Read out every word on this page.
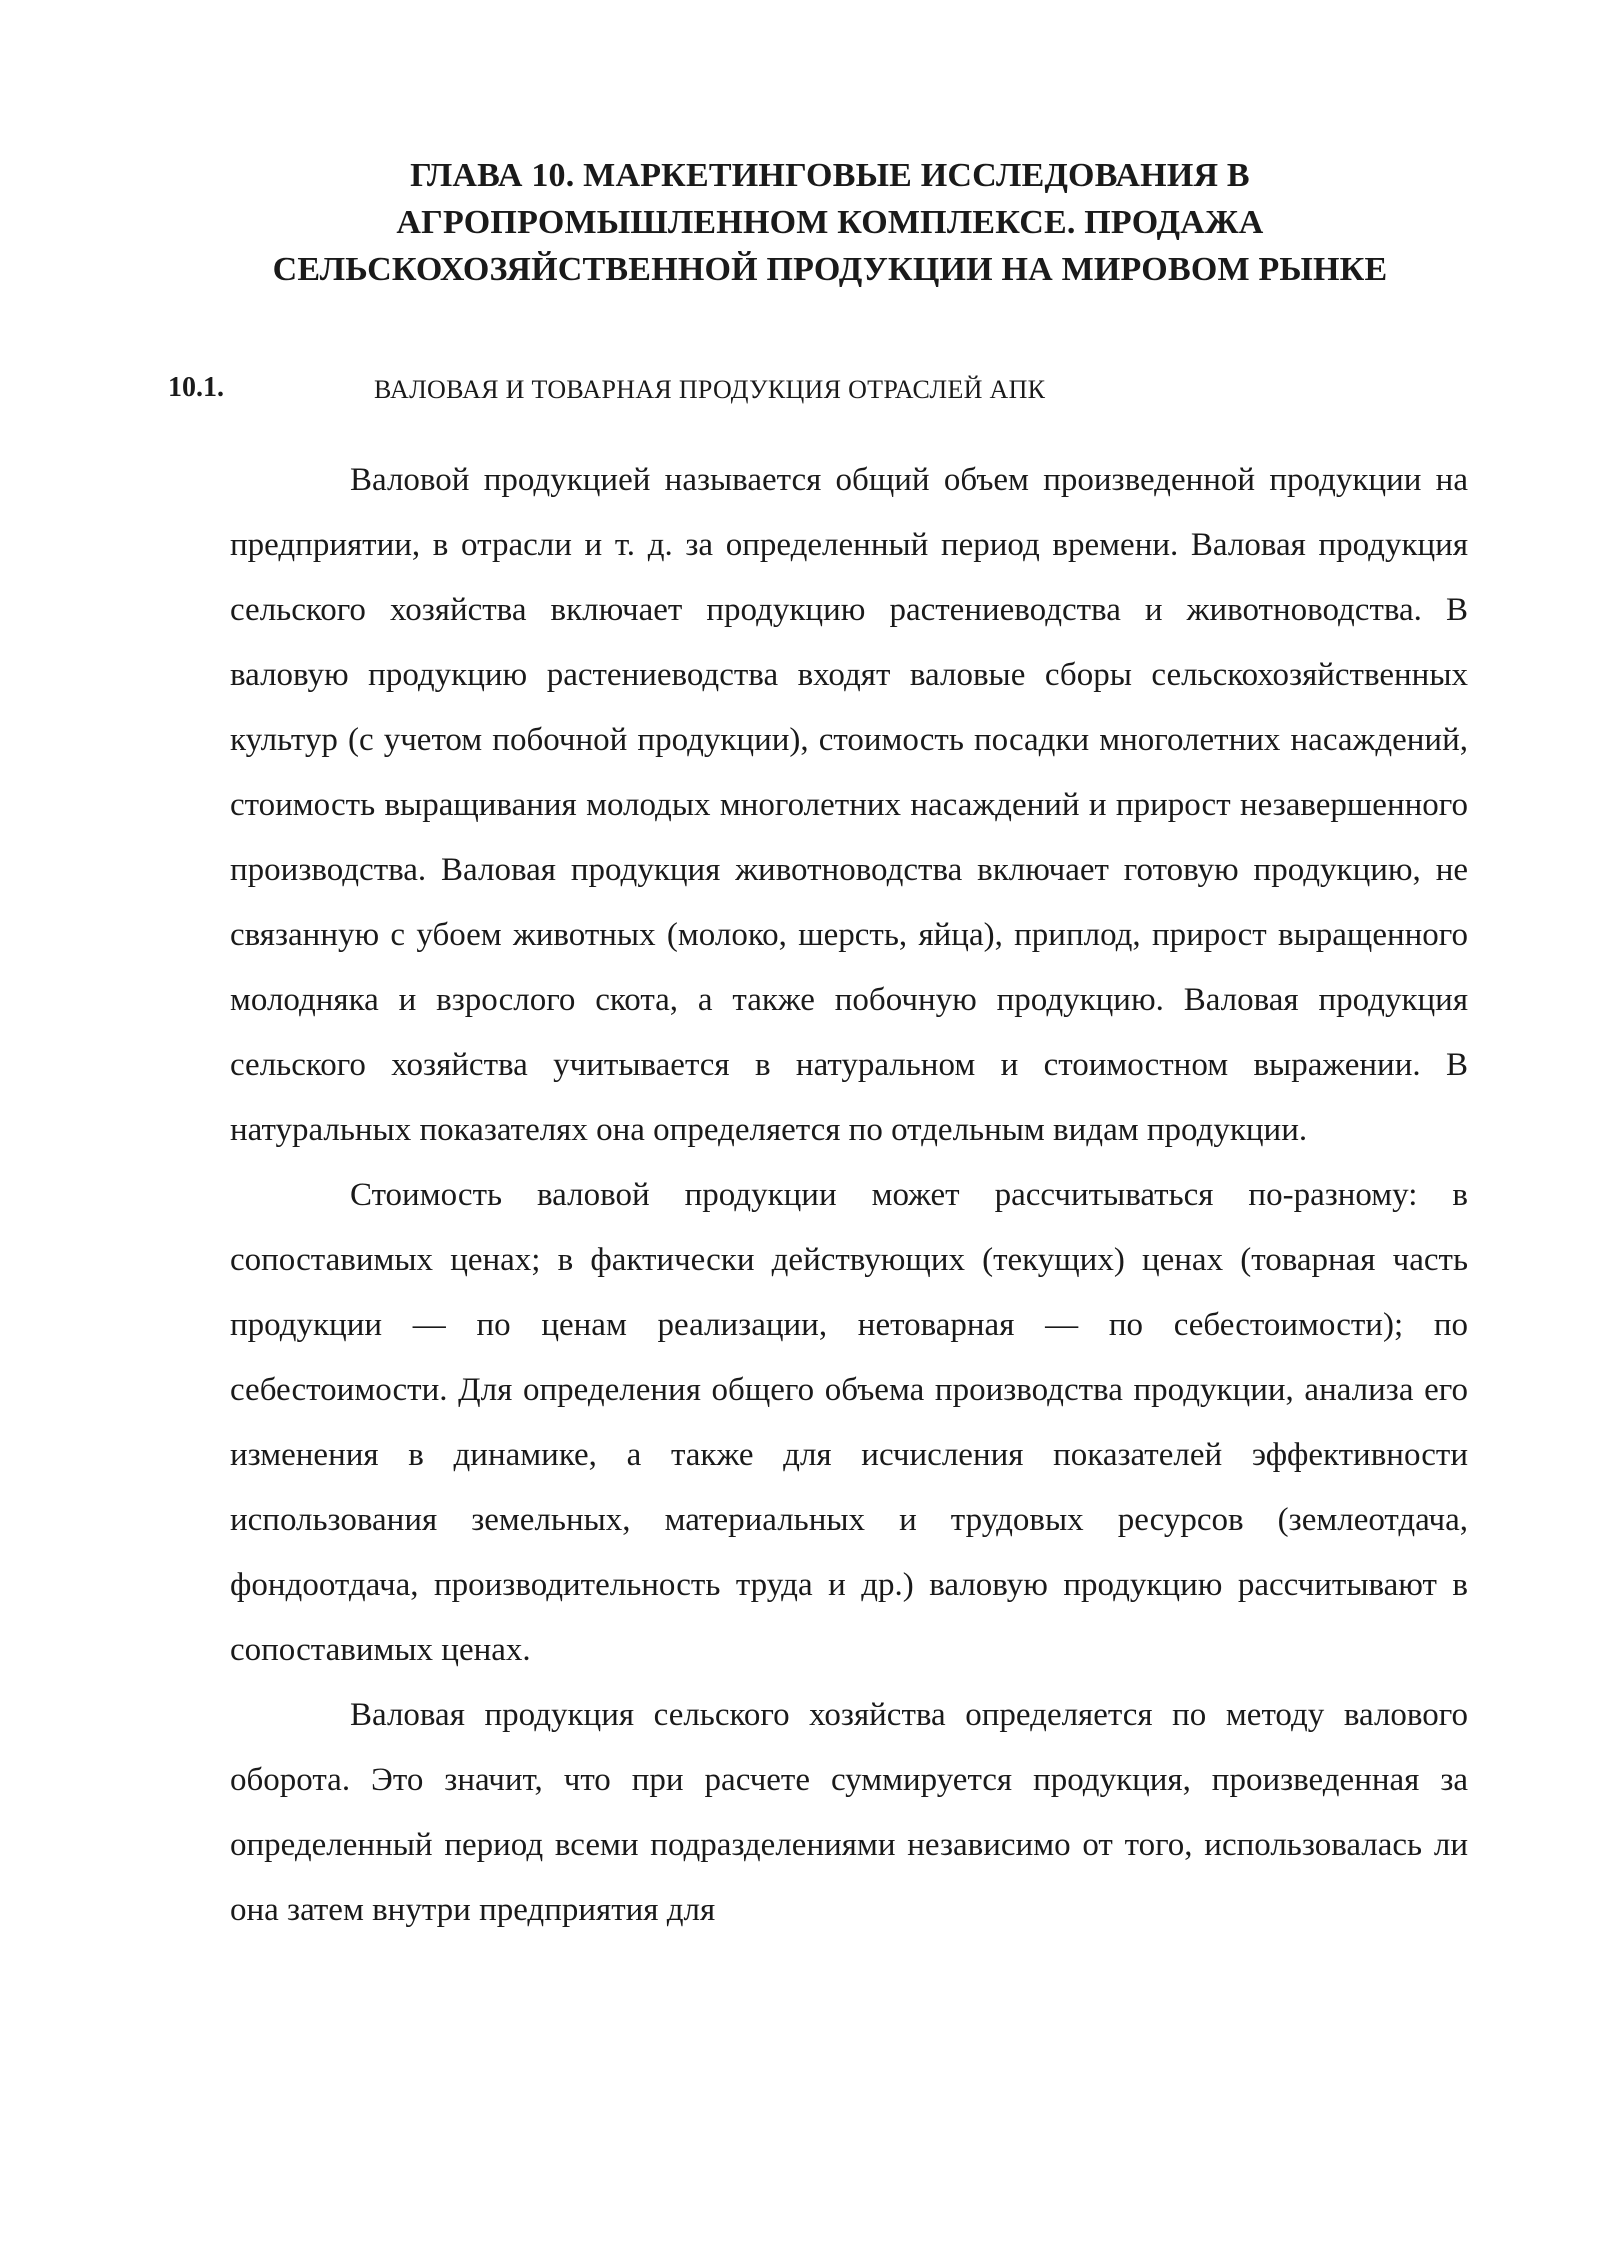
ГЛАВА 10. МАРКЕТИНГОВЫЕ ИССЛЕДОВАНИЯ В
АГРОПРОМЫШЛЕННОМ КОМПЛЕКСЕ. ПРОДАЖА
СЕЛЬСКОХОЗЯЙСТВЕННОЙ ПРОДУКЦИИ НА МИРОВОМ РЫНКЕ
10.1.	ВАЛОВАЯ И ТОВАРНАЯ ПРОДУКЦИЯ ОТРАСЛЕЙ АПК

Валовой продукцией называется общий объем произведенной продукции на предприятии, в отрасли и т. д. за определенный период времени. Валовая продукция сельского хозяйства включает продукцию растениеводства и животноводства. В валовую продукцию растениеводства входят валовые сборы сельскохозяйственных культур (с учетом побочной продукции), стоимость посадки многолетних насаждений, стоимость выращивания молодых многолетних насаждений и прирост незавершенного производства. Валовая продукция животноводства включает готовую продукцию, не связанную с убоем животных (молоко, шерсть, яйца), приплод, прирост выращенного молодняка и взрослого скота, а также побочную продукцию. Валовая продукция сельского хозяйства учитывается в натуральном и стоимостном выражении. В натуральных показателях она определяется по отдельным видам продукции.

Стоимость валовой продукции может рассчитываться по-разному: в сопоставимых ценах; в фактически действующих (текущих) ценах (товарная часть продукции — по ценам реализации, нетоварная — по себестоимости); по себестоимости. Для определения общего объема производства продукции, анализа его изменения в динамике, а также для исчисления показателей эффективности использования земельных, материальных и трудовых ресурсов (землеотдача, фондоотдача, производительность труда и др.) валовую продукцию рассчитывают в сопоставимых ценах.

Валовая продукция сельского хозяйства определяется по методу валового оборота. Это значит, что при расчете суммируется продукция, произведенная за определенный период всеми подразделениями независимо от того, использовалась ли она затем внутри предприятия для
